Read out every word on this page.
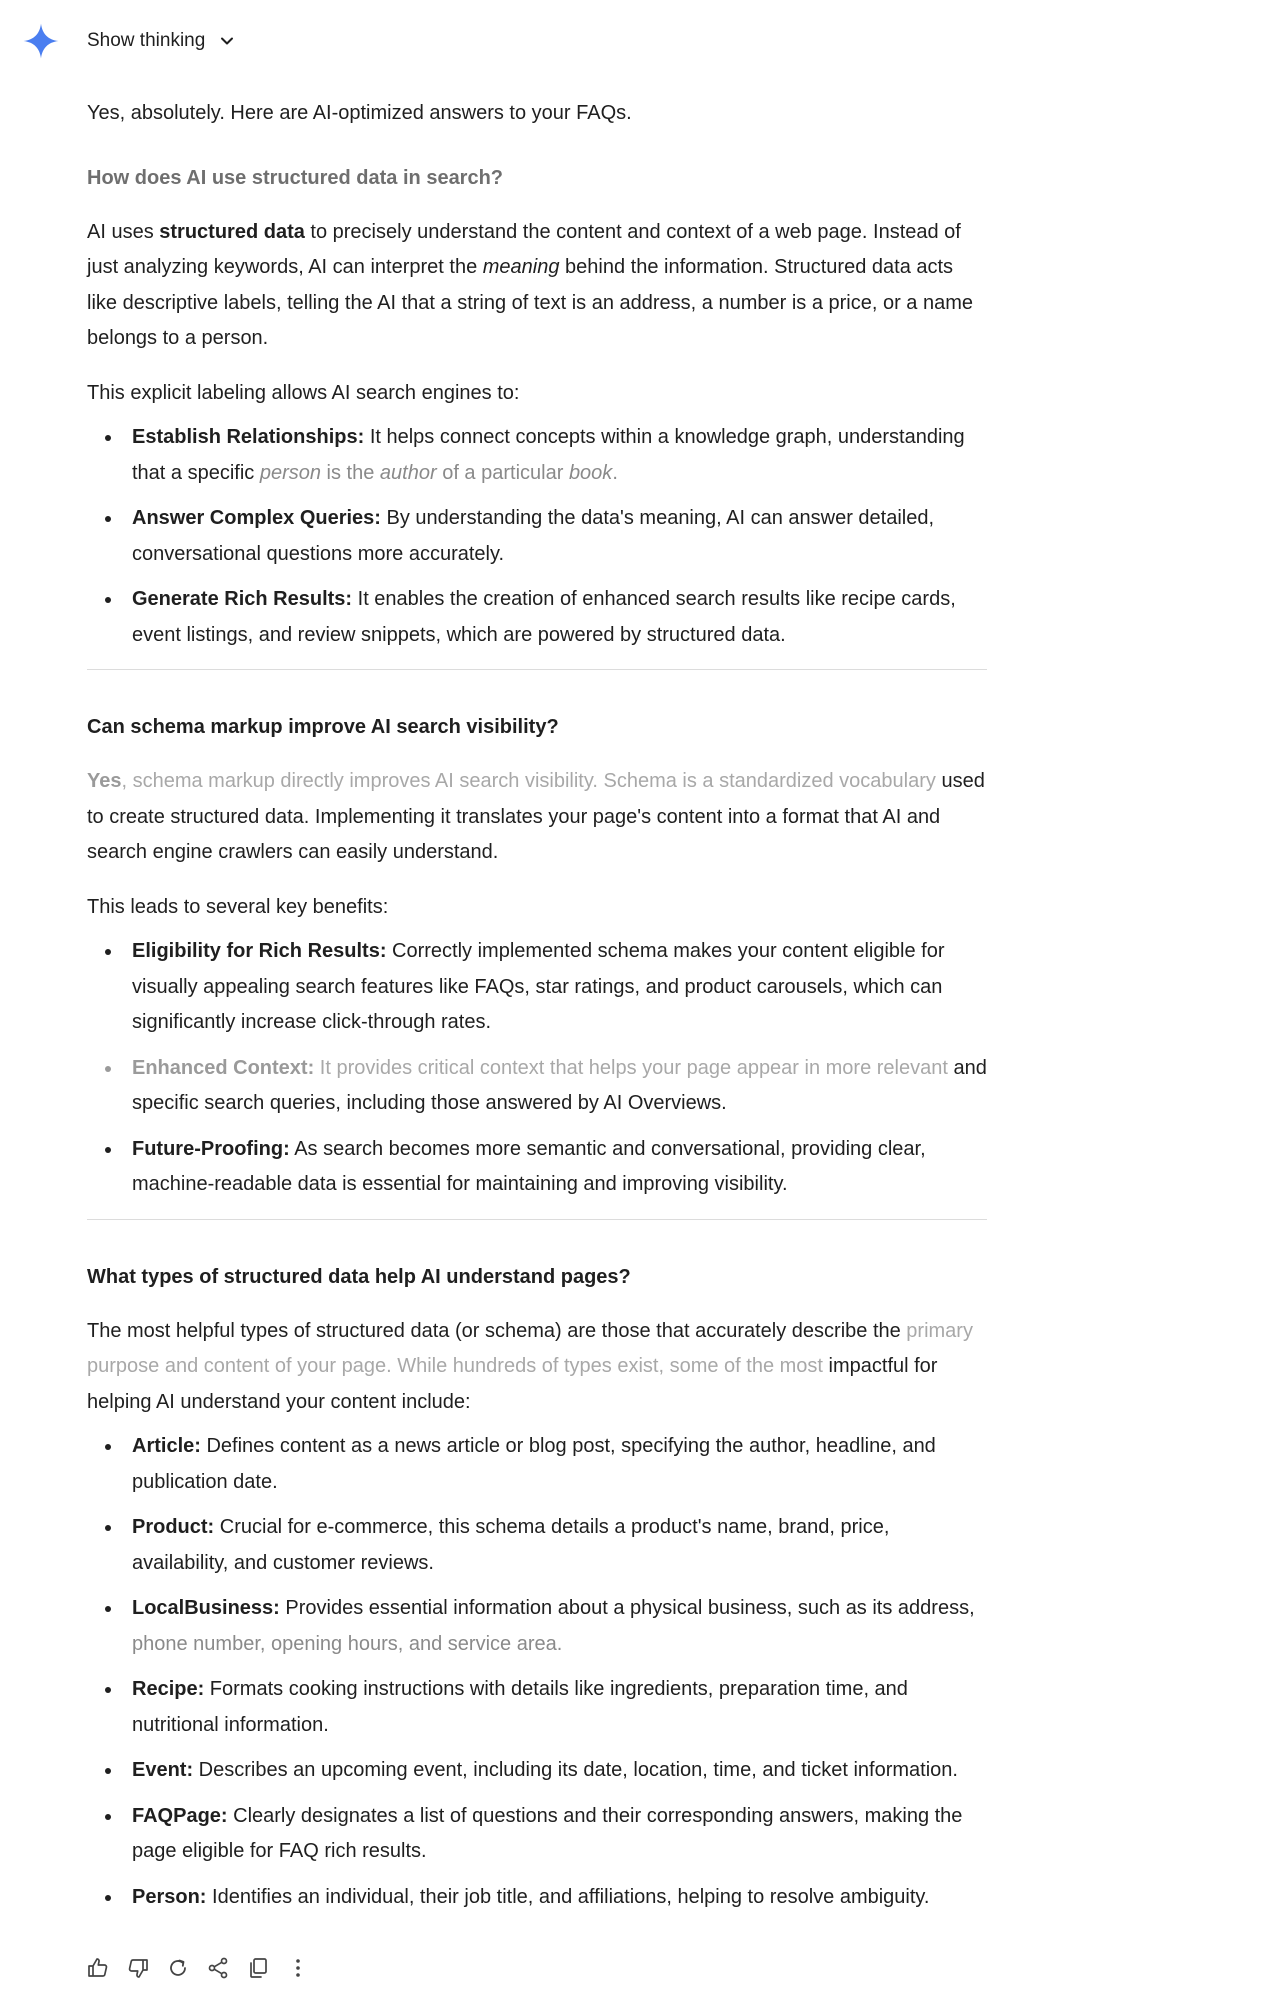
Show thinking

Yes, absolutely. Here are AI-optimized answers to your FAQs.

How does AI use structured data in search?

AI uses structured data to precisely understand the content and context of a web page. Instead of just analyzing keywords, AI can interpret the meaning behind the information. Structured data acts like descriptive labels, telling the AI that a string of text is an address, a number is a price, or a name belongs to a person.

This explicit labeling allows AI search engines to:

Establish Relationships: It helps connect concepts within a knowledge graph, understanding that a specific person is the author of a particular book.
Answer Complex Queries: By understanding the data's meaning, AI can answer detailed, conversational questions more accurately.
Generate Rich Results: It enables the creation of enhanced search results like recipe cards, event listings, and review snippets, which are powered by structured data.
Can schema markup improve AI search visibility?

Yes, schema markup directly improves AI search visibility. Schema is a standardized vocabulary used to create structured data. Implementing it translates your page's content into a format that AI and search engine crawlers can easily understand.

This leads to several key benefits:

Eligibility for Rich Results: Correctly implemented schema makes your content eligible for visually appealing search features like FAQs, star ratings, and product carousels, which can significantly increase click-through rates.
Enhanced Context: It provides critical context that helps your page appear in more relevant and specific search queries, including those answered by AI Overviews.
Future-Proofing: As search becomes more semantic and conversational, providing clear, machine-readable data is essential for maintaining and improving visibility.
What types of structured data help AI understand pages?

The most helpful types of structured data (or schema) are those that accurately describe the primary purpose and content of your page. While hundreds of types exist, some of the most impactful for helping AI understand your content include:

Article: Defines content as a news article or blog post, specifying the author, headline, and publication date.
Product: Crucial for e-commerce, this schema details a product's name, brand, price, availability, and customer reviews.
LocalBusiness: Provides essential information about a physical business, such as its address, phone number, opening hours, and service area.
Recipe: Formats cooking instructions with details like ingredients, preparation time, and nutritional information.
Event: Describes an upcoming event, including its date, location, time, and ticket information.
FAQPage: Clearly designates a list of questions and their corresponding answers, making the page eligible for FAQ rich results.
Person: Identifies an individual, their job title, and affiliations, helping to resolve ambiguity.
